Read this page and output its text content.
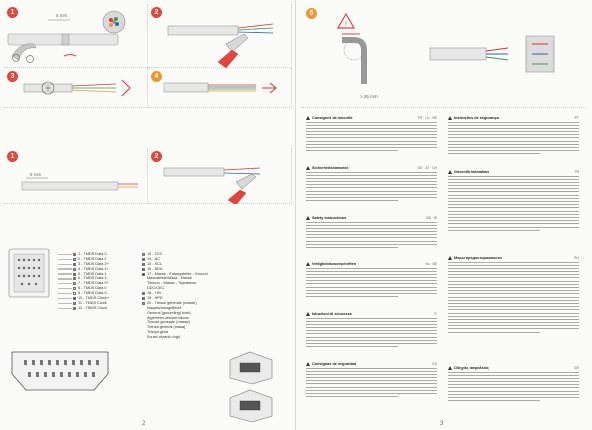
1	5 mm	2
3	4
1
5 mm
2
1 - TMDS Data 2-
2 - TMDS Data 2
3 - TMDS Data 2+
4 - TMDS Data 1+
5 - TMDS Data 1
6 - TMDS Data 1-
7 - TMDS Data 0+
8 - TMDS Data 0
9 - TMDS Data 0-
10 - TMDS Clock+
11 - TMDS Clock
12 - TMDS Clock-
13 - CEC
14 - NC
15 - SCL
16 - SDA
17 - Masse - Erdungsleiter - Ground
Massaleiste/Masa - Masse
Tieuvuc - Masse - Topralama
DDC/CEC
18 - +5V
19 - HPD
20 - Tresse générale (masse)
Hauptschutzgeflecht
General (grounding) braid
Algemeen afschermkous
Treccia generale (massa)
Trenza general (masa)
Trança geral
Ecran/ ekranlu örgü
2
5
> 25 mm
!
Consignes de sécurité	FR · LU · BE
Sicherheitshinweise	DE · AT · CH
Safety instructions	GB · IE
Veiligheidsvoorschriften	NL · BE
Istruzioni di sicurezza	IT
Consignas de seguridad	ES
Instruções de segurança	PT
Güvenlik talimatları	TR
Меры предосторожности	RU
Οδηγίες ασφαλείας	GR
3
